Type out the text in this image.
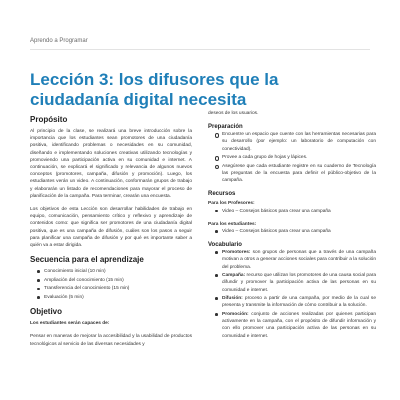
Aprendo a Programar
Lección 3: los difusores que la ciudadanía digital necesita
Propósito

Al principio de la clase, se realizará una breve introducción sobre la importancia que los estudiantes sean promotores de una ciudadanía positiva, identificando problemas o necesidades en su comunidad, diseñando e implementando soluciones creativas utilizando tecnologías y promoviendo una participación activa en su comunidad e internet. A continuación, se explicará el significado y relevancia de algunos nuevos conceptos (promotores, campaña, difusión y promoción). Luego, los estudiantes verán un video. A continuación, conformarán grupos de trabajo y elaborarán un listado de recomendaciones para mayorar el proceso de planificación de la campaña. Para terminar, crearán una encuesta.

Los objetivos de esta Lección son desarrollar habilidades de trabajo en equipo, comunicación, pensamiento crítico y reflexivo y aprendizaje de contenidos como: que significa ser promotores de una ciudadanía digital positiva, que es una campaña de difusión, cuáles son los pasos a seguir para planificar una campaña de difusión y por qué es importante saber a quién va a estar dirigida.

Secuencia para el aprendizaje
Conocimiento inicial (10 min)
Ampliación del conocimiento (15 min)
Transferencia del conocimiento (15 min)
Evaluación (5 min)
Objetivo

Los estudiantes serán capaces de:

Pensar en maneras de mejorar la accesibilidad y la usabilidad de productos tecnológicos al servicio de las diversas necesidades y

deseos de los usuarios.

Preparación
Encuentre un espacio que cuente con las herramientas necesarias para su desarrollo (por ejemplo: un laboratorio de computación con conectividad).
Provee a cada grupo de hojas y lápices.
Asegúrese que cada estudiante registre en su cuaderno de Tecnología las preguntas de la encuesta para definir el público-objetivo de la campaña.
Recursos
Para los Profesores:
Video – Consejos básicos para crear una campaña
Para los estudiantes:
Video – Consejos básicos para crear una campaña
Vocabulario
Promotores: son grupos de personas que a través de una campaña motivan a otros a generar acciones sociales para contribuir a la solución del problema.
Campaña: recurso que utilizan los promotores de una causa social para difundir y promover la participación activa de las personas en su comunidad e internet.
Difusión: proceso a partir de una campaña, por medio de la cual se presenta y transmite la información de cómo contribuir a la solución.
Promoción: conjunto de acciones realizadas por quienes participan activamente en la campaña, con el propósito de difundir información y con ello promover una participación activa de las personas en su comunidad e internet.
